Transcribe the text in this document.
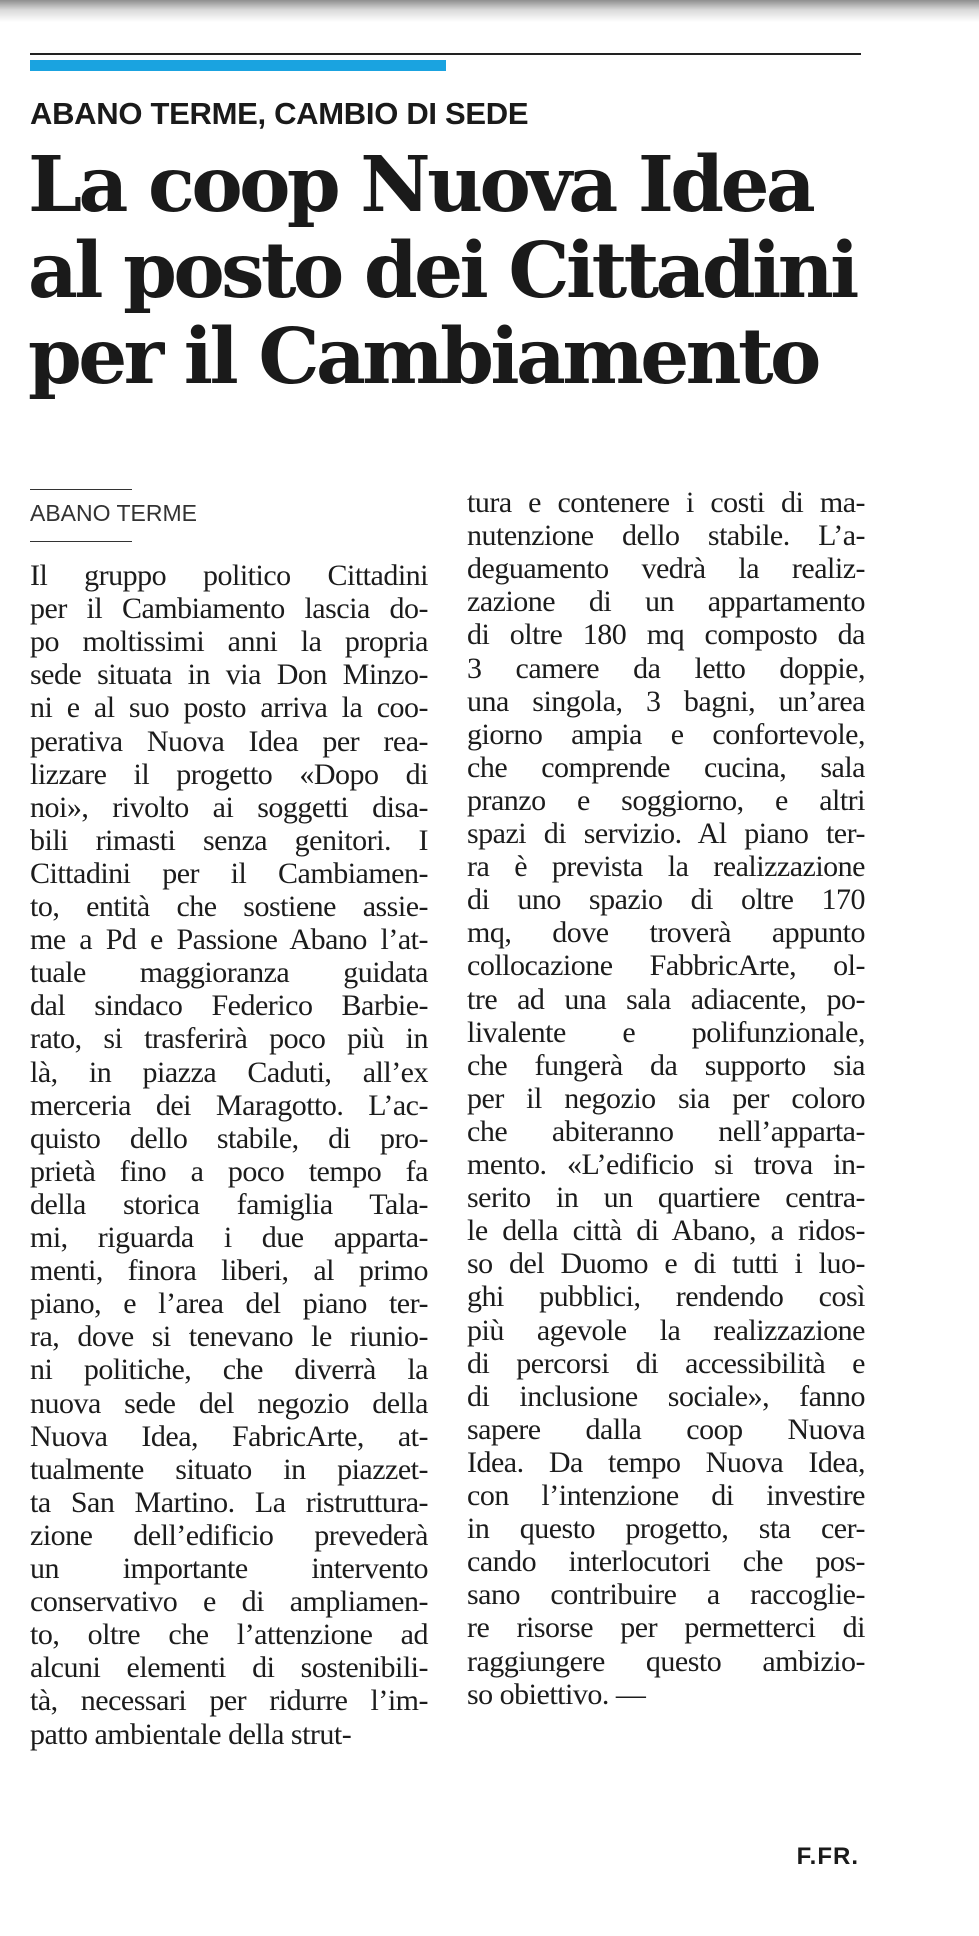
ABANO TERME, CAMBIO DI SEDE
La coop Nuova Idea
al posto dei Cittadini
per il Cambiamento

ABANO TERME

Il gruppo politico Cittadini
per il Cambiamento lascia do-
po moltissimi anni la propria
sede situata in via Don Minzo-
ni e al suo posto arriva la coo-
perativa Nuova Idea per rea-
lizzare il progetto «Dopo di
noi», rivolto ai soggetti disa-
bili rimasti senza genitori. I
Cittadini per il Cambiamen-
to, entità che sostiene assie-
me a Pd e Passione Abano l’at-
tuale maggioranza guidata
dal sindaco Federico Barbie-
rato, si trasferirà poco più in
là, in piazza Caduti, all’ex
merceria dei Maragotto. L’ac-
quisto dello stabile, di pro-
prietà fino a poco tempo fa
della storica famiglia Tala-
mi, riguarda i due apparta-
menti, finora liberi, al primo
piano, e l’area del piano ter-
ra, dove si tenevano le riunio-
ni politiche, che diverrà la
nuova sede del negozio della
Nuova Idea, FabricArte, at-
tualmente situato in piazzet-
ta San Martino. La ristruttura-
zione dell’edificio prevederà
un importante intervento
conservativo e di ampliamen-
to, oltre che l’attenzione ad
alcuni elementi di sostenibili-
tà, necessari per ridurre l’im-
patto ambientale della strut-
tura e contenere i costi di ma-
nutenzione dello stabile. L’a-
deguamento vedrà la realiz-
zazione di un appartamento
di oltre 180 mq composto da
3 camere da letto doppie,
una singola, 3 bagni, un’area
giorno ampia e confortevole,
che comprende cucina, sala
pranzo e soggiorno, e altri
spazi di servizio. Al piano ter-
ra è prevista la realizzazione
di uno spazio di oltre 170
mq, dove troverà appunto
collocazione FabbricArte, ol-
tre ad una sala adiacente, po-
livalente e polifunzionale,
che fungerà da supporto sia
per il negozio sia per coloro
che abiteranno nell’apparta-
mento. «L’edificio si trova in-
serito in un quartiere centra-
le della città di Abano, a ridos-
so del Duomo e di tutti i luo-
ghi pubblici, rendendo così
più agevole la realizzazione
di percorsi di accessibilità e
di inclusione sociale», fanno
sapere dalla coop Nuova
Idea. Da tempo Nuova Idea,
con l’intenzione di investire
in questo progetto, sta cer-
cando interlocutori che pos-
sano contribuire a raccoglie-
re risorse per permetterci di
raggiungere questo ambizio-
so obiettivo. —

F.FR.
